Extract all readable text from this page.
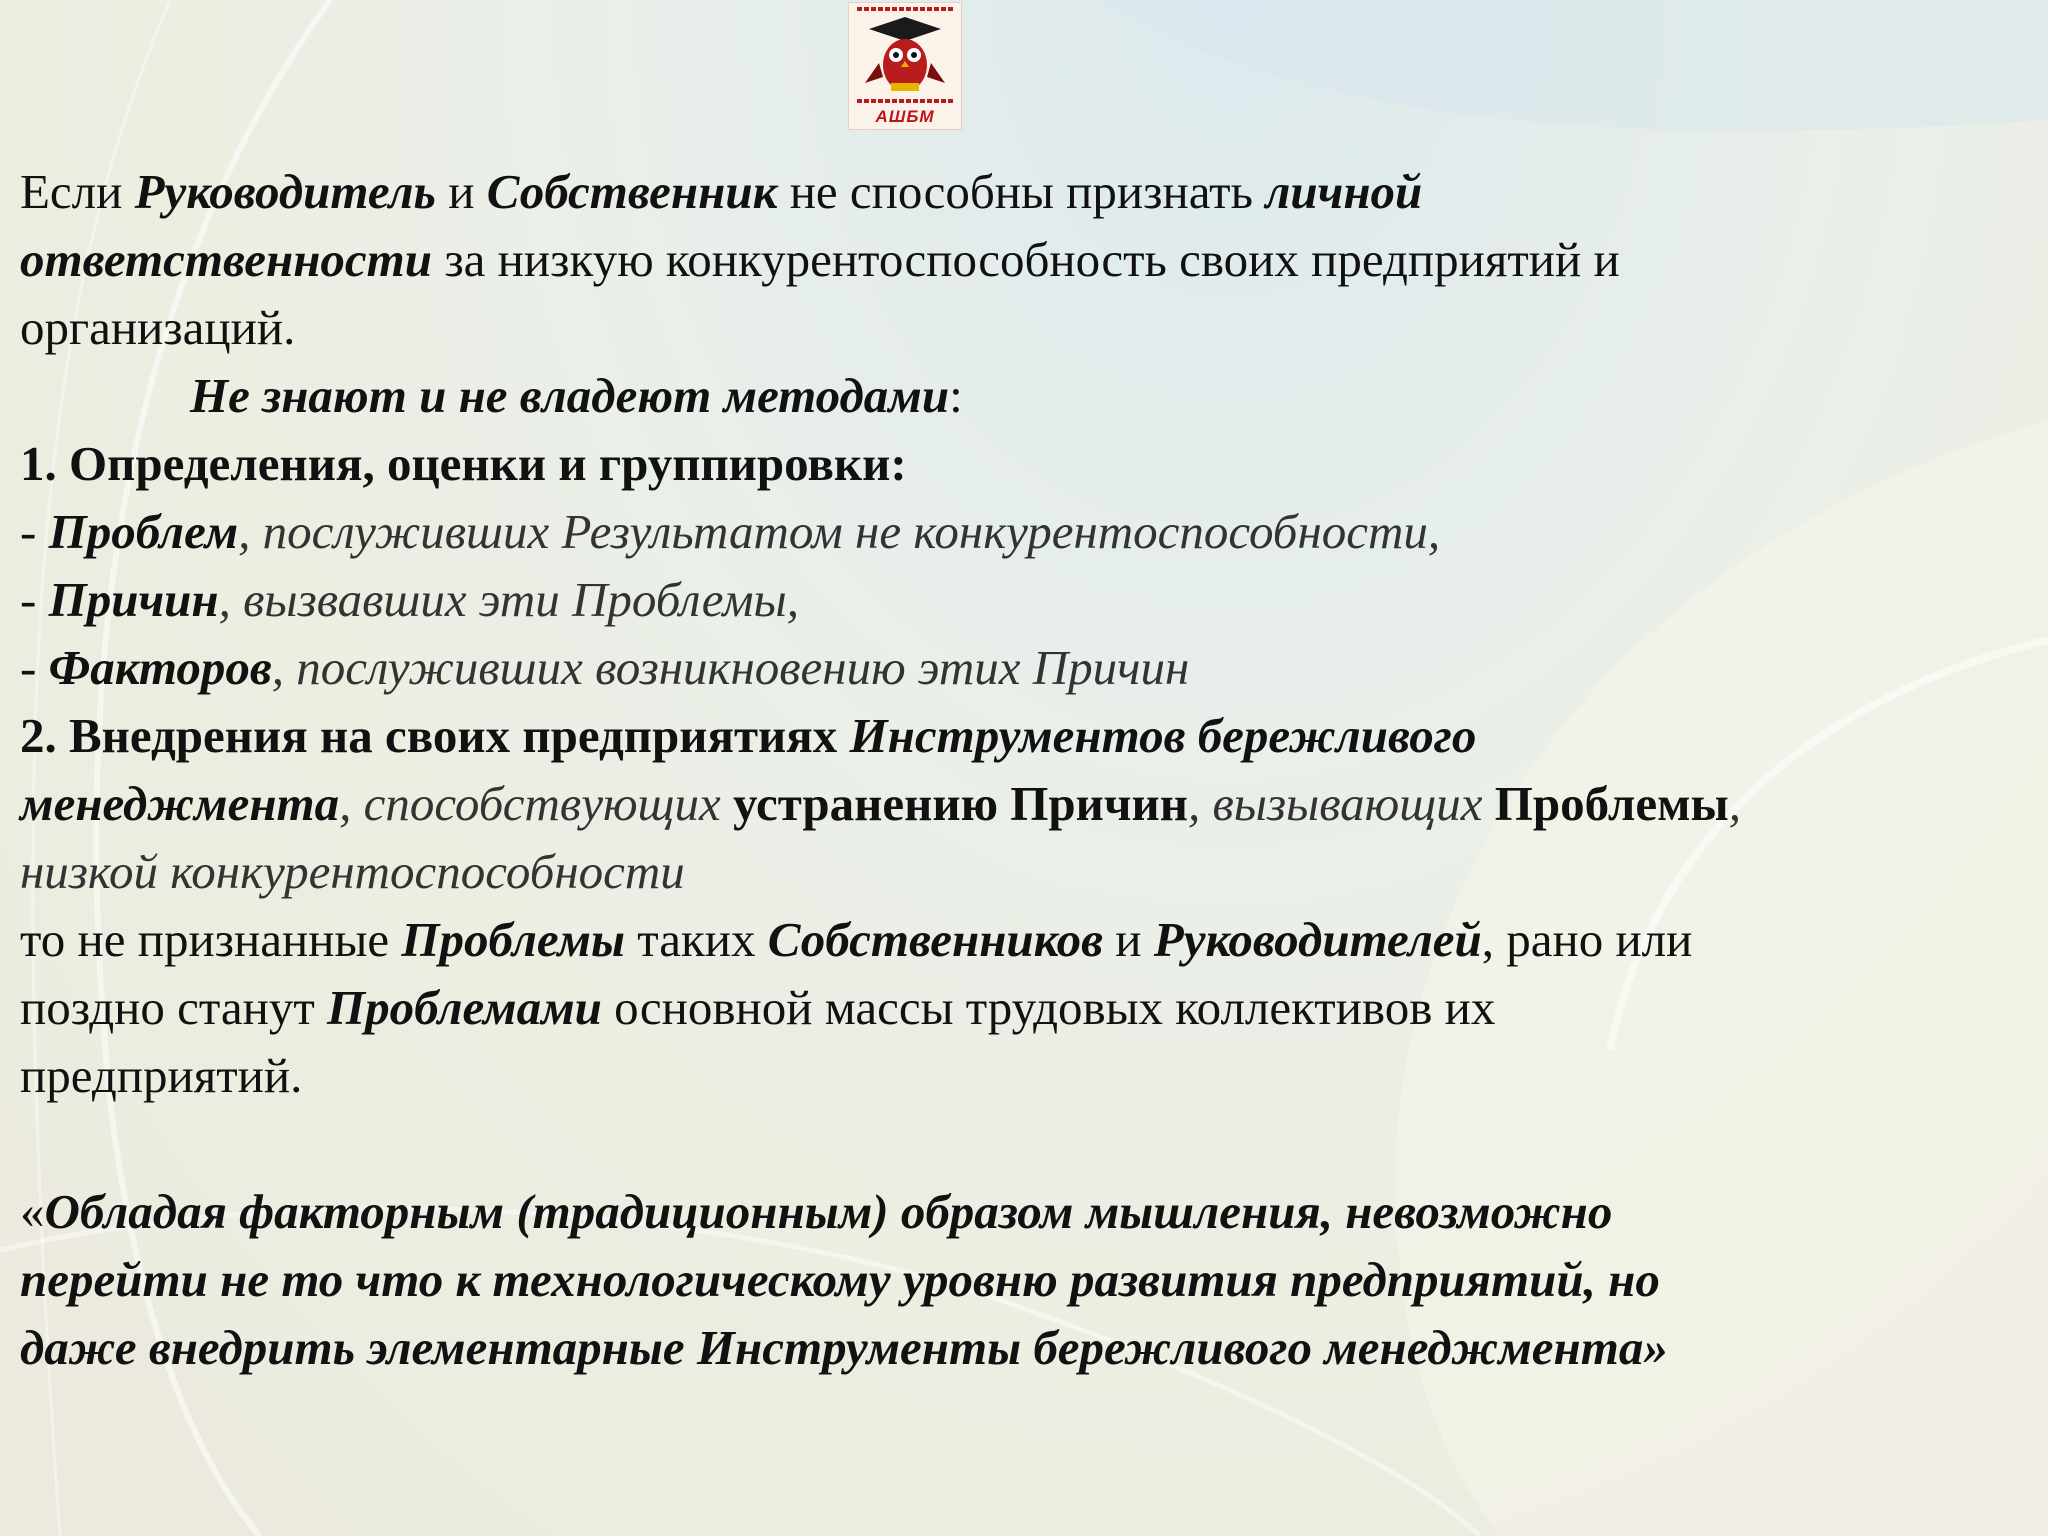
АШБМ
Если Руководитель и Собственник не способны признать личной
ответственности за низкую конкурентоспособность своих предприятий и
организаций.
Не знают и не владеют методами:
1. Определения, оценки и группировки:
- Проблем, послуживших Результатом не конкурентоспособности,
- Причин, вызвавших эти Проблемы,
- Факторов, послуживших возникновению этих Причин
2. Внедрения на своих предприятиях Инструментов бережливого
менеджмента, способствующих устранению Причин, вызывающих Проблемы,
низкой конкурентоспособности
то не признанные Проблемы таких Собственников и Руководителей, рано или
поздно станут Проблемами основной массы трудовых коллективов их
предприятий.
«Обладая факторным (традиционным) образом мышления, невозможно
перейти не то что к технологическому уровню развития предприятий, но
даже внедрить элементарные Инструменты бережливого менеджмента»
